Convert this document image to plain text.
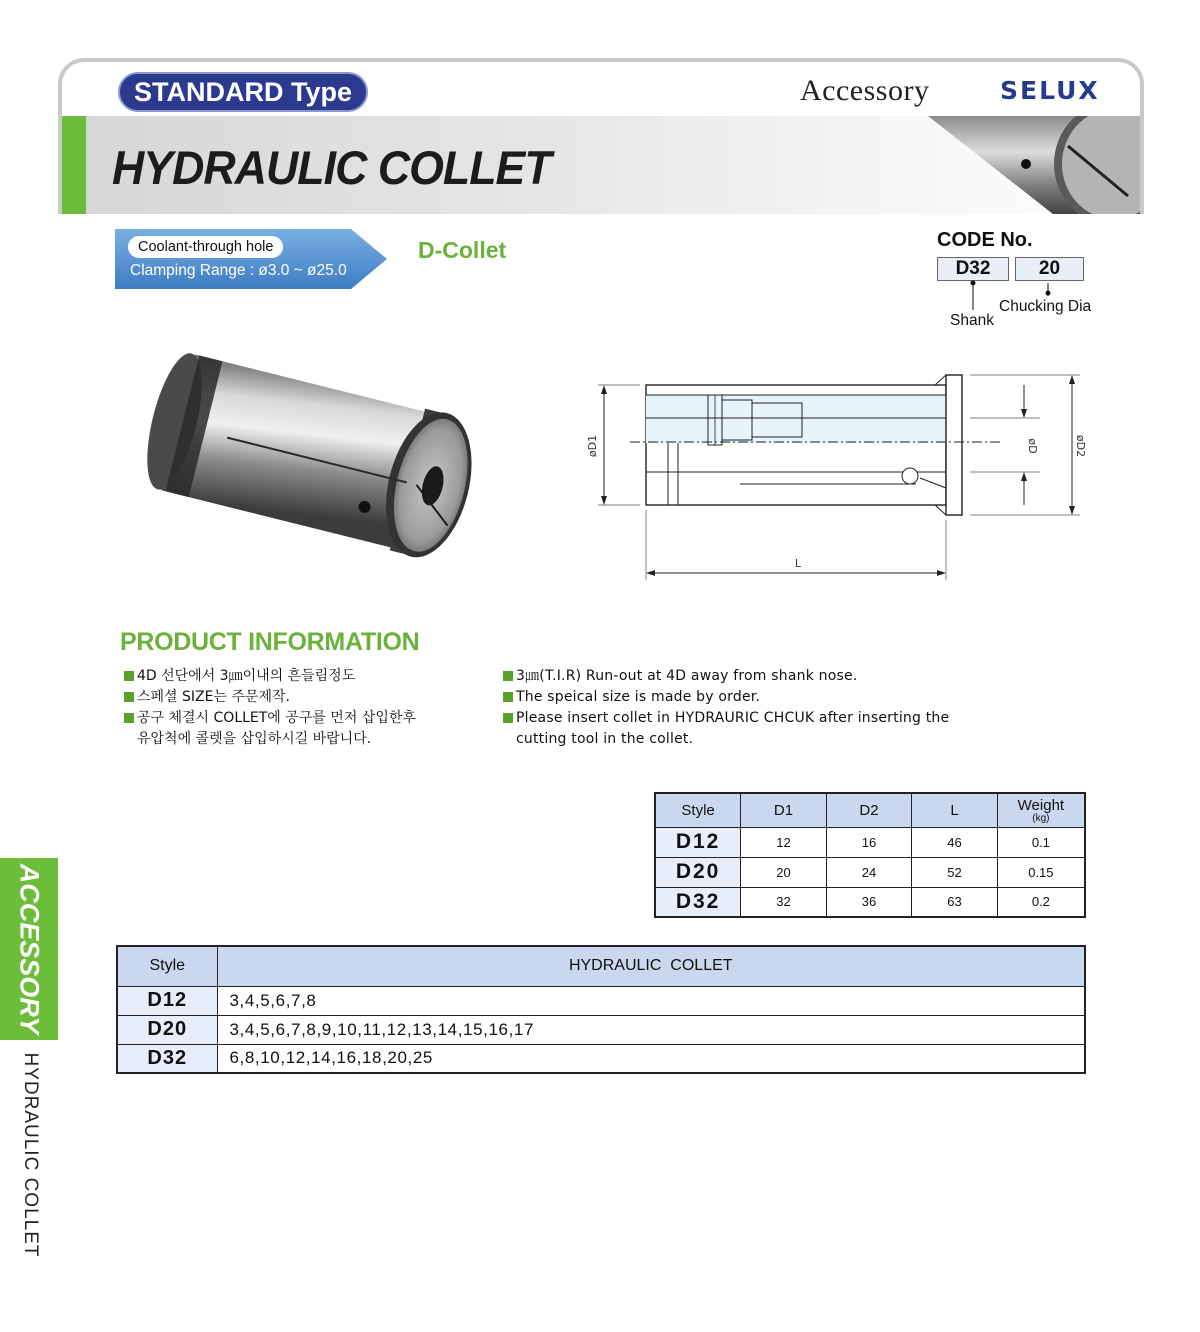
STANDARD Type	Accessory	SELUX
HYDRAULIC COLLET
Coolant-through hole
Clamping Range : ø3.0 ~ ø25.0
D-Collet	CODE No.
D32	20
Chucking Dia
Shank
øD1	øD	øD2
L
PRODUCT INFORMATION
4D 선단에서 3㎛이내의 흔들림정도
스페셜 SIZE는 주문제작.
공구 체결시 COLLET에 공구를 먼저 삽입한후
유압척에 콜렛을 삽입하시길 바랍니다.
3㎛(T.I.R) Run-out at 4D away from shank nose.
The speical size is made by order.
Please insert collet in HYDRAURIC CHCUK after inserting the
cutting tool in the collet.
Style	D1	D2	L	Weight
(kg)

D12	12	16	46	0.1
D20	20	24	52	0.15
D32	32	36	63	0.2
Style	HYDRAULIC  COLLET
D12	3,4,5,6,7,8
D20	3,4,5,6,7,8,9,10,11,12,13,14,15,16,17
D32	6,8,10,12,14,16,18,20,25
ACCESSORY
HYDRAULIC COLLET
